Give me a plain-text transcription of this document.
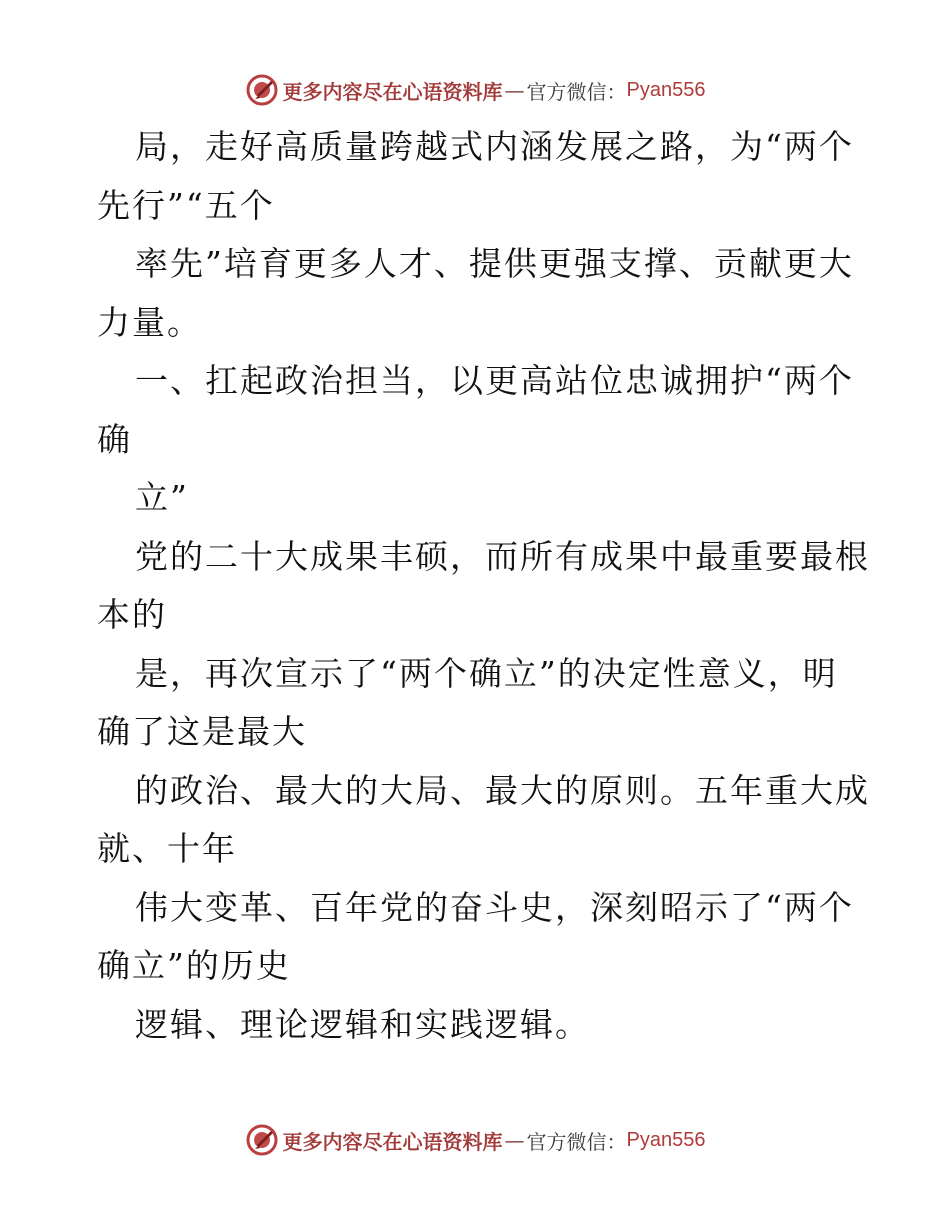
更多内容尽在心语资料库 — 官方微信： Pyan556
局，走好高质量跨越式内涵发展之路，为“两个
先行”“五个
率先”培育更多人才、提供更强支撑、贡献更大
力量。
一、扛起政治担当，以更高站位忠诚拥护“两个
确
立”
党的二十大成果丰硕，而所有成果中最重要最根
本的
是，再次宣示了“两个确立”的决定性意义，明
确了这是最大
的政治、最大的大局、最大的原则。五年重大成
就、十年
伟大变革、百年党的奋斗史，深刻昭示了“两个
确立”的历史
逻辑、理论逻辑和实践逻辑。
更多内容尽在心语资料库 — 官方微信： Pyan556
